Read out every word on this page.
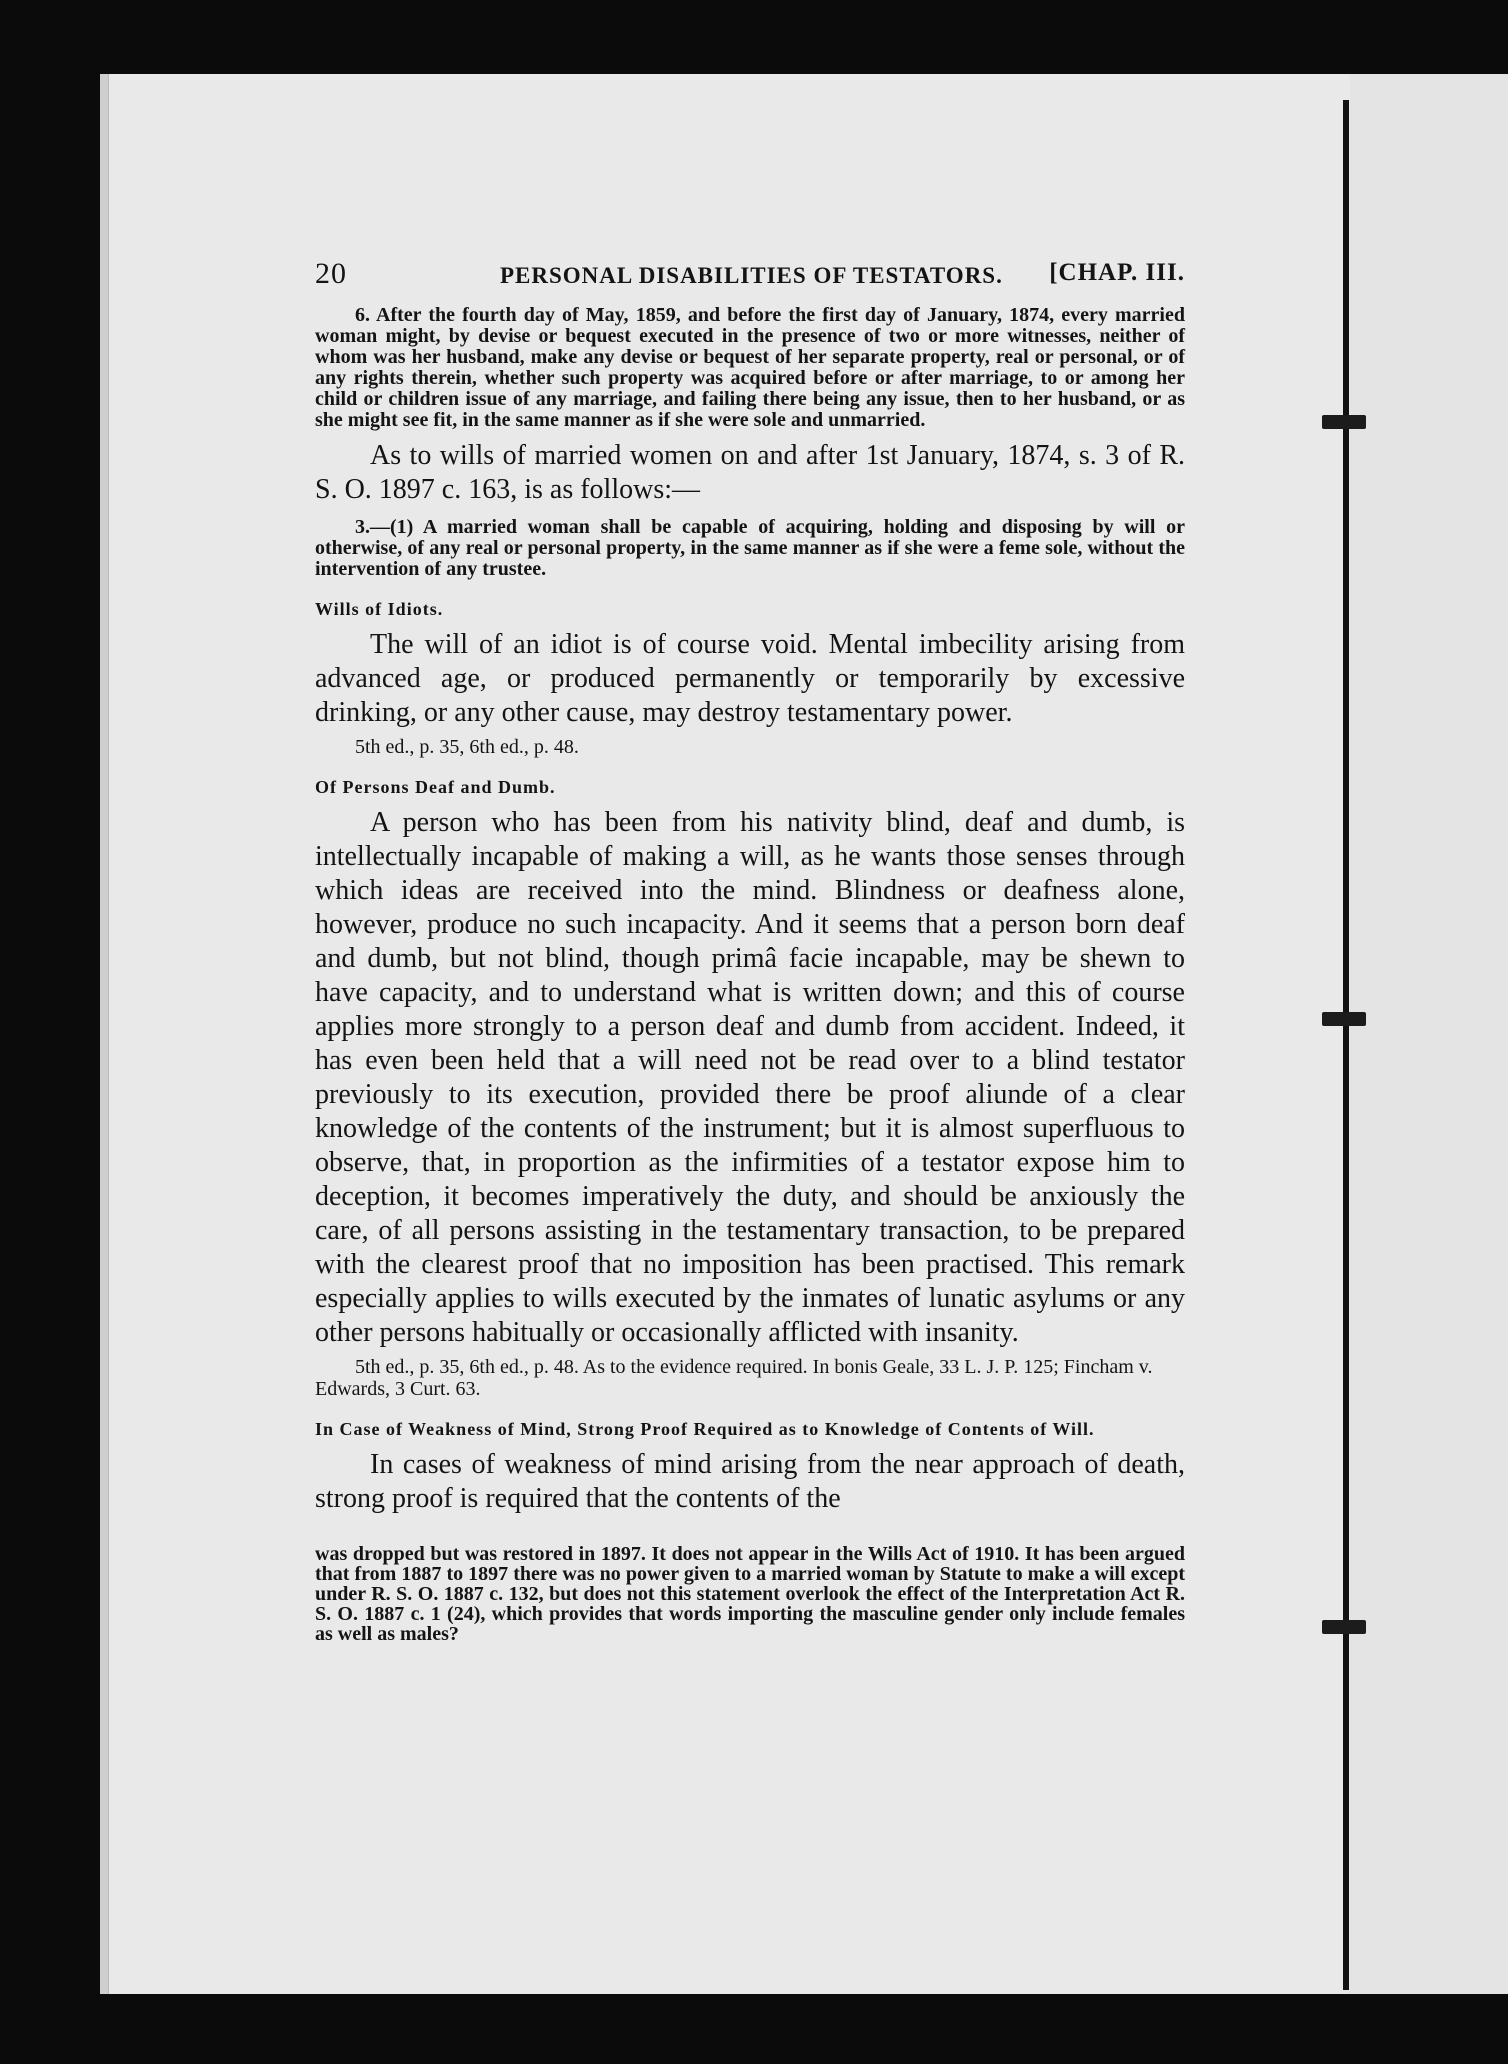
20	PERSONAL DISABILITIES OF TESTATORS. [CHAP. III.

6. After the fourth day of May, 1859, and before the first day of January, 1874, every married woman might, by devise or bequest executed in the presence of two or more witnesses, neither of whom was her husband, make any devise or bequest of her separate property, real or personal, or of any rights therein, whether such property was acquired before or after marriage, to or among her child or children issue of any marriage, and failing there being any issue, then to her husband, or as she might see fit, in the same manner as if she were sole and unmarried.

As to wills of married women on and after 1st January, 1874, s. 3 of R. S. O. 1897 c. 163, is as follows:—

3.—(1) A married woman shall be capable of acquiring, holding and disposing by will or otherwise, of any real or personal property, in the same manner as if she were a feme sole, without the intervention of any trustee.

Wills of Idiots.

The will of an idiot is of course void. Mental imbecility arising from advanced age, or produced permanently or temporarily by excessive drinking, or any other cause, may destroy testamentary power.

5th ed., p. 35, 6th ed., p. 48.

Of Persons Deaf and Dumb.

A person who has been from his nativity blind, deaf and dumb, is intellectually incapable of making a will, as he wants those senses through which ideas are received into the mind. Blindness or deafness alone, however, produce no such incapacity. And it seems that a person born deaf and dumb, but not blind, though primâ facie incapable, may be shewn to have capacity, and to understand what is written down; and this of course applies more strongly to a person deaf and dumb from accident. Indeed, it has even been held that a will need not be read over to a blind testator previously to its execution, provided there be proof aliunde of a clear knowledge of the contents of the instrument; but it is almost superfluous to observe, that, in proportion as the infirmities of a testator expose him to deception, it becomes imperatively the duty, and should be anxiously the care, of all persons assisting in the testamentary transaction, to be prepared with the clearest proof that no imposition has been practised. This remark especially applies to wills executed by the inmates of lunatic asylums or any other persons habitually or occasionally afflicted with insanity.

5th ed., p. 35, 6th ed., p. 48. As to the evidence required. In bonis Geale, 33 L. J. P. 125; Fincham v. Edwards, 3 Curt. 63.

In Case of Weakness of Mind, Strong Proof Required as to Knowledge of Contents of Will.

In cases of weakness of mind arising from the near approach of death, strong proof is required that the contents of the

was dropped but was restored in 1897. It does not appear in the Wills Act of 1910. It has been argued that from 1887 to 1897 there was no power given to a married woman by Statute to make a will except under R. S. O. 1887 c. 132, but does not this statement overlook the effect of the Interpretation Act R. S. O. 1887 c. 1 (24), which provides that words importing the masculine gender only include females as well as males?
